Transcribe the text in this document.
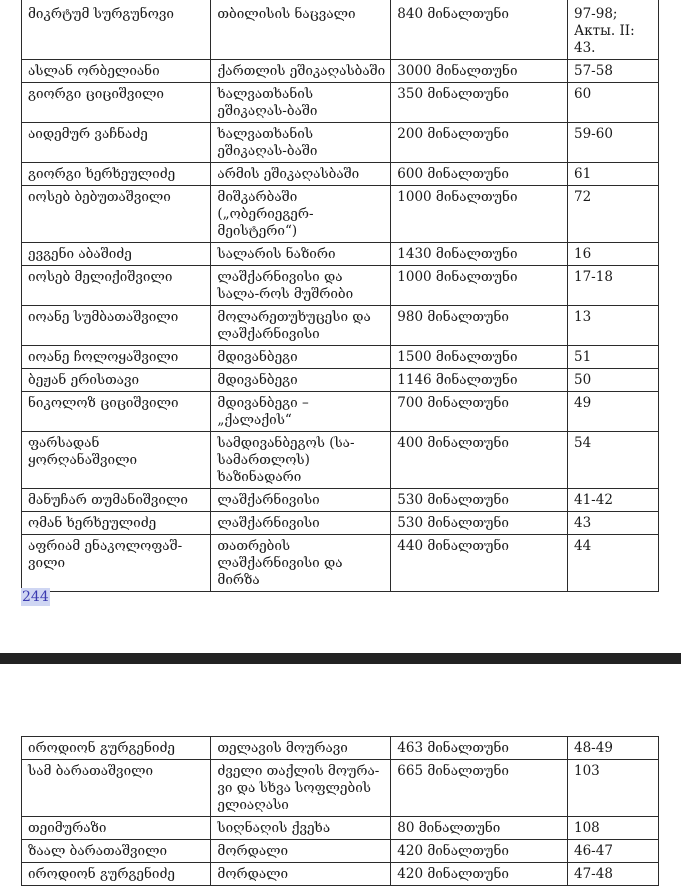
მიკრტუმ სურგუნოვი	თბილისის ნაცვალი	840 მინალთუნი	97-98; Акты. II: 43.
ასლან ორბელიანი	ქართლის ეშიკაღასბაში	3000 მინალთუნი	57-58
გიორგი ციციშვილი	ხალვათხანის ეშიკაღას-ბაში	350 მინალთუნი	60
აიდემურ ვაჩნაძე	ხალვათხანის ეშიკაღას-ბაში	200 მინალთუნი	59-60
გიორგი ხერხეულიძე	არმის ეშიკაღასბაში	600 მინალთუნი	61
იოსებ ბებუთაშვილი	მიშკარბაში („ობერიეგერ-მეისტერი“)	1000 მინალთუნი	72
ევგენი აბაშიძე	სალარის ნაზირი	1430 მინალთუნი	16
იოსებ მელიქიშვილი	ლაშქარნივისი და სალა-როს მუშრიბი	1000 მინალთუნი	17-18
იოანე სუმბათაშვილი	მოლარეთუხუცესი და ლაშქარნივისი	980 მინალთუნი	13
იოანე ჩოლოყაშვილი	მდივანბეგი	1500 მინალთუნი	51
ბეჟან ერისთავი	მდივანბეგი	1146 მინალთუნი	50
ნიკოლოზ ციციშვილი	მდივანბეგი – „ქალაქის“	700 მინალთუნი	49
ფარსადან ყორღანაშვილი	სამდივანბეგოს (სა-სამართლოს) ხაზინადარი	400 მინალთუნი	54
მანუჩარ თუმანიშვილი	ლაშქარნივისი	530 მინალთუნი	41-42
ომან ხერხეულიძე	ლაშქარნივისი	530 მინალთუნი	43
აფრიამ ენაკოლოფაშ-ვილი	თათრების ლაშქარნივისი და მირზა	440 მინალთუნი	44
244
იროდიონ გურგენიძე	თელავის მოურავი	463 მინალთუნი	48-49
სამ ბარათაშვილი	ძველი თაქლის მოურა-ვი და სხვა სოფლების ელიაღასი	665 მინალთუნი	103
თეიმურაზი	სიღნაღის ქვეხა	80 მინალთუნი	108
ზაალ ბარათაშვილი	მორდალი	420 მინალთუნი	46-47
იროდიონ გურგენიძე	მორდალი	420 მინალთუნი	47-48
